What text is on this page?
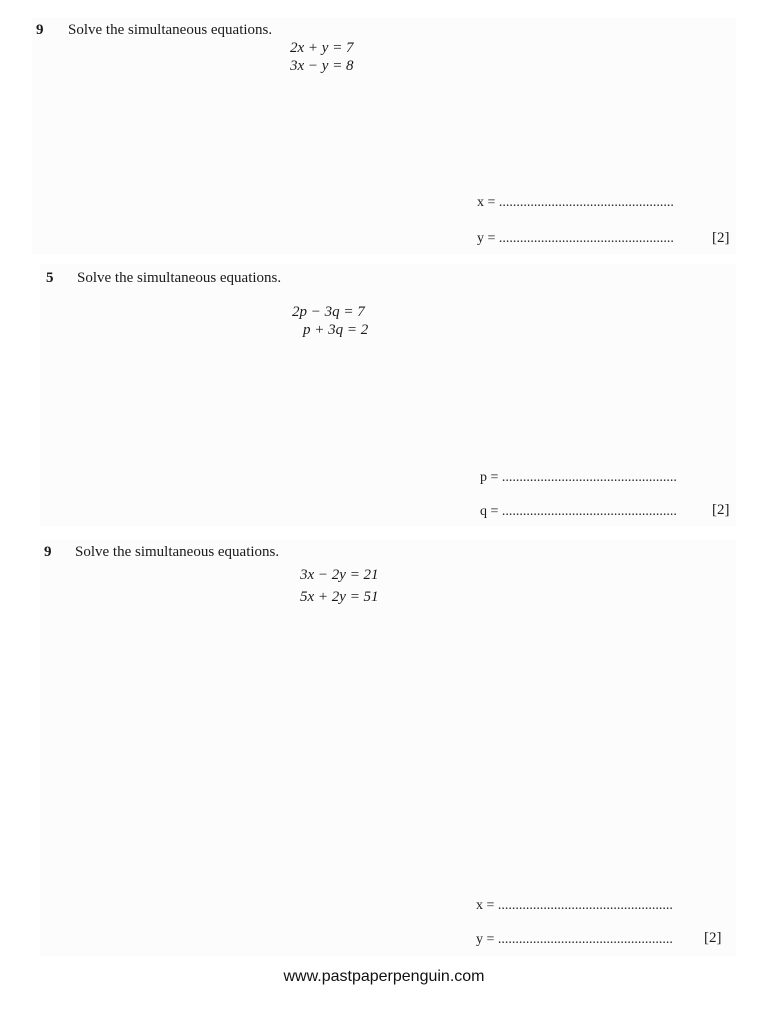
9 Solve the simultaneous equations.
2x + y = 7
3x − y = 8
x = ..................................................
y = ..................................................	[2]
5 Solve the simultaneous equations.
2p − 3q = 7
p + 3q = 2
p = ..................................................
q = .................................................. [2]
9 Solve the simultaneous equations.
3x − 2y = 21
5x + 2y = 51
x = ..................................................
y = .................................................. [2]
www.pastpaperpenguin.com
